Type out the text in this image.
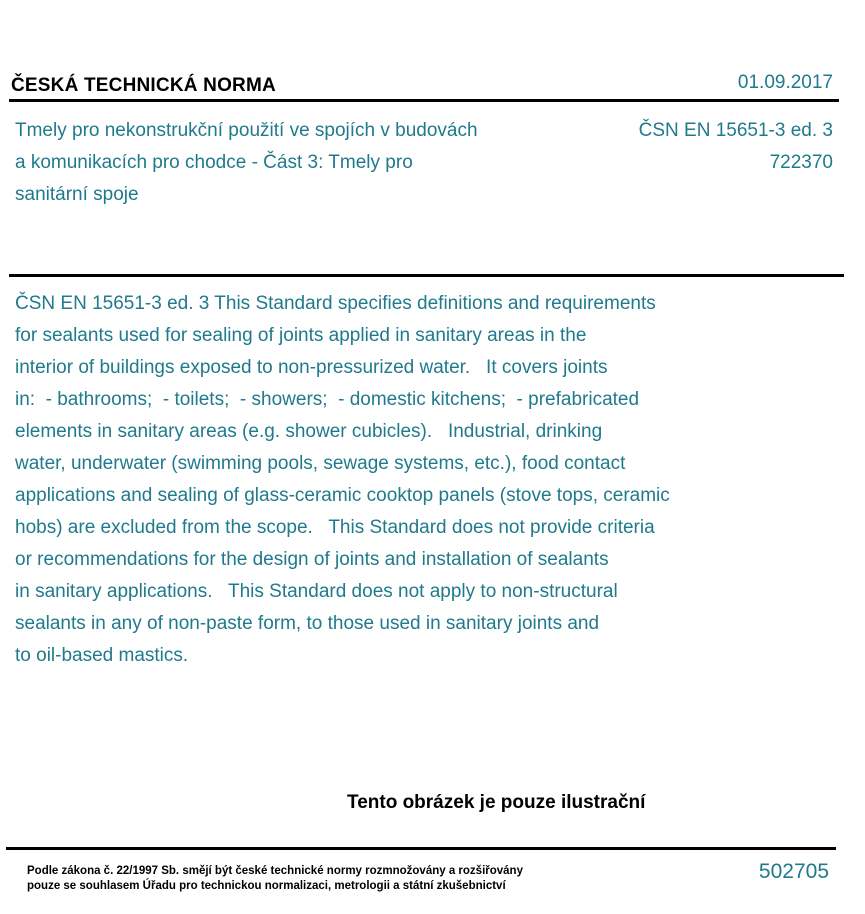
ČESKÁ TECHNICKÁ NORMA	01.09.2017
Tmely pro nekonstrukční použití ve spojích v budovách a komunikacích pro chodce - Část 3: Tmely pro sanitární spoje
ČSN EN 15651-3 ed. 3
722370
ČSN EN 15651-3 ed. 3 This Standard specifies definitions and requirements
for sealants used for sealing of joints applied in sanitary areas in the
interior of buildings exposed to non-pressurized water.   It covers joints
in:  - bathrooms;  - toilets;  - showers;  - domestic kitchens;  - prefabricated
elements in sanitary areas (e.g. shower cubicles).   Industrial, drinking
water, underwater (swimming pools, sewage systems, etc.), food contact
applications and sealing of glass-ceramic cooktop panels (stove tops, ceramic
hobs) are excluded from the scope.   This Standard does not provide criteria
or recommendations for the design of joints and installation of sealants
in sanitary applications.   This Standard does not apply to non-structural
sealants in any of non-paste form, to those used in sanitary joints and
to oil-based mastics.
Tento obrázek je pouze ilustrační
Podle zákona č. 22/1997 Sb. smějí být české technické normy rozmnožovány a rozšiřovány
pouze se souhlasem Úřadu pro technickou normalizaci, metrologii a státní zkušebnictví
502705
